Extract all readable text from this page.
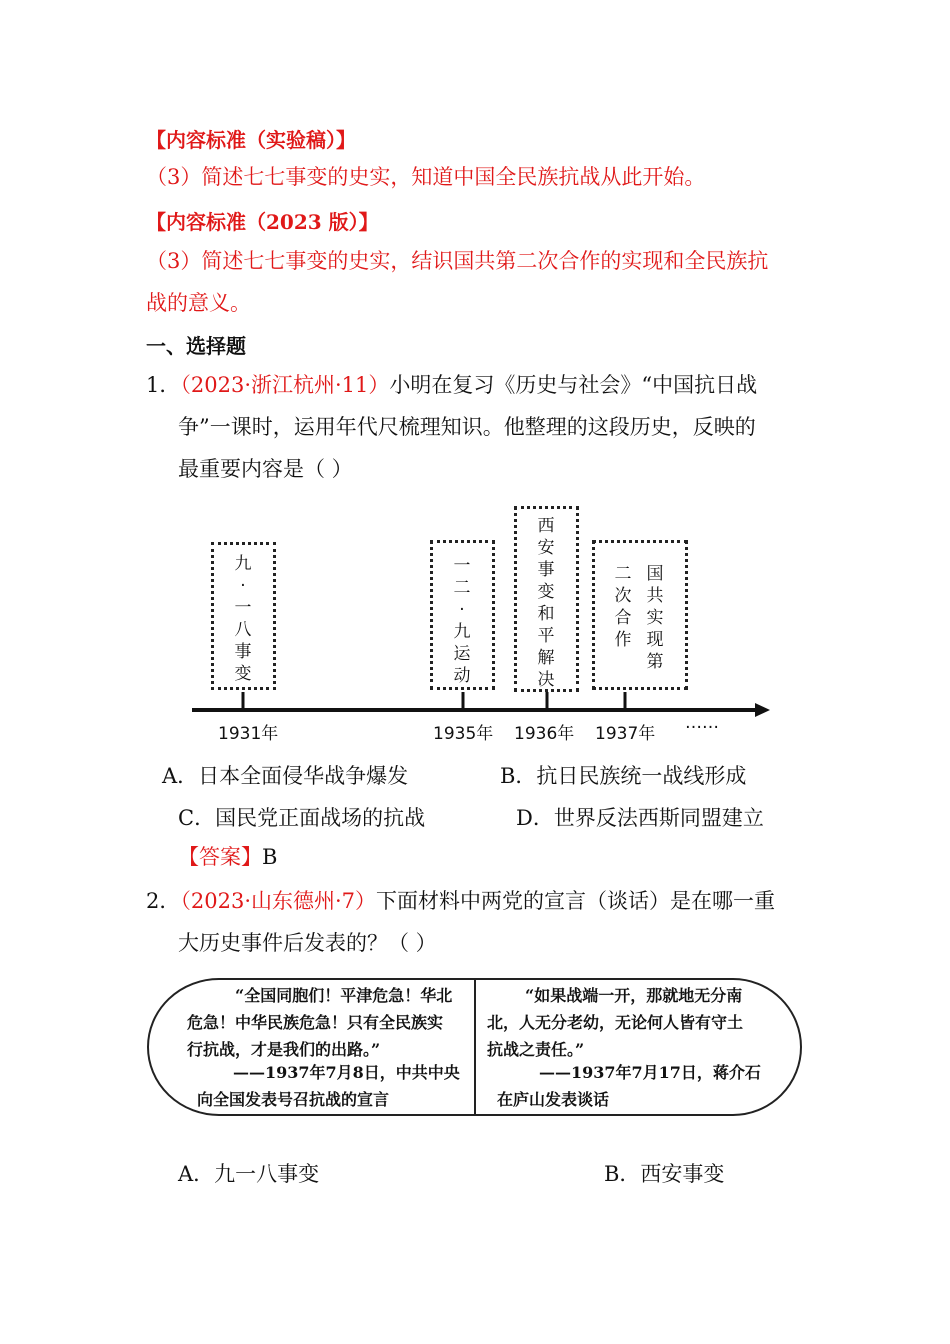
【内容标准（实验稿）】
（3）简述七七事变的史实，知道中国全民族抗战从此开始。
【内容标准（2023 版）】
（3）简述七七事变的史实，结识国共第二次合作的实现和全民族抗
战的意义。
一、选择题
1．（2023·浙江杭州·11）小明在复习《历史与社会》“中国抗日战
争”一课时，运用年代尺梳理知识。他整理的这段历史，反映的
最重要内容是（ ）
九·一八事变
一二·九运动
西安事变和平解决
国共实现第
二次合作
1931年	1935年 1936年 1937年
……
A．日本全面侵华战争爆发	B．抗日民族统一战线形成
C．国民党正面战场的抗战	D．世界反法西斯同盟建立
【答案】B
2．（2023·山东德州·7）下面材料中两党的宣言（谈话）是在哪一重
大历史事件后发表的？（ ）
“全国同胞们！平津危急！华北
危急！中华民族危急！只有全民族实
行抗战，才是我们的出路。”
——1937年7月8日，中共中央
向全国发表号召抗战的宣言
“如果战端一开，那就地无分南
北，人无分老幼，无论何人皆有守土
抗战之责任。”
——1937年7月17日，蒋介石
在庐山发表谈话
A．九一八事变	B．西安事变
